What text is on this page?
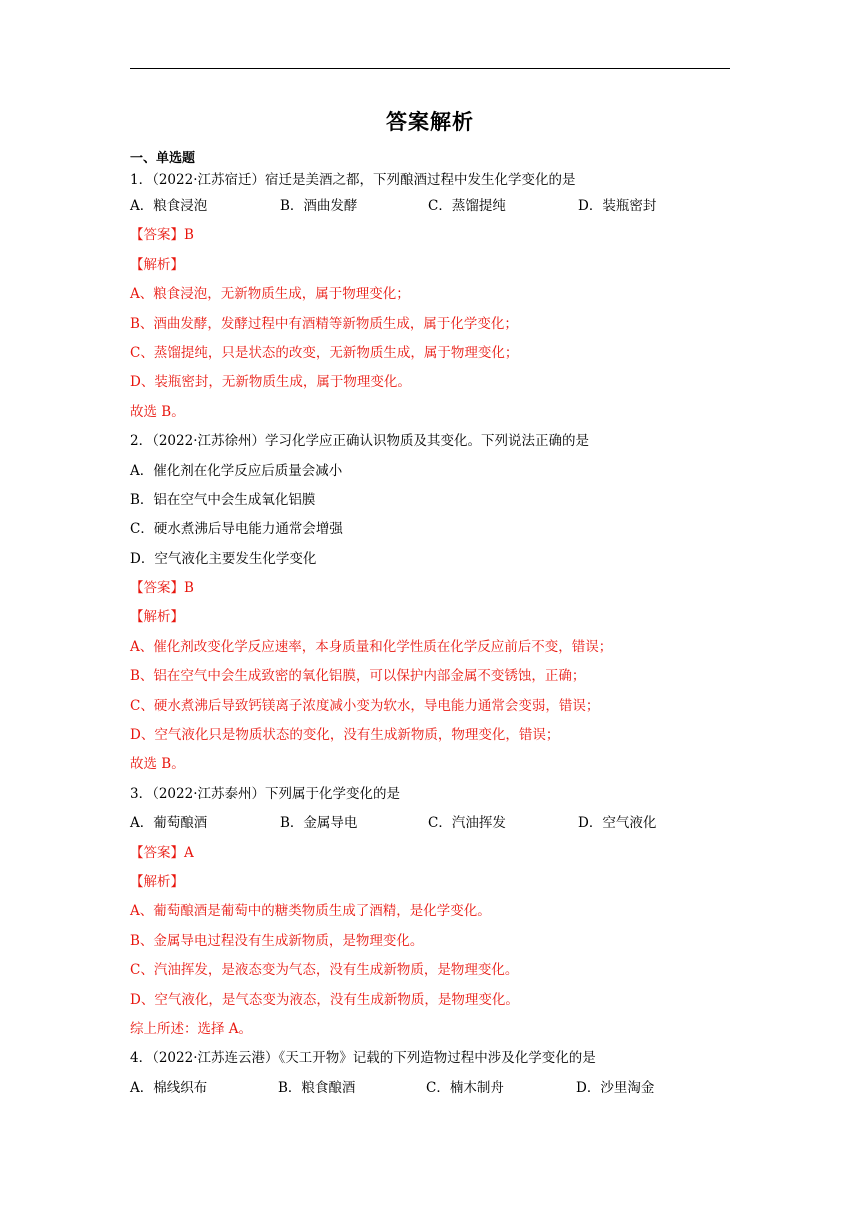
答案解析
一、单选题
1．（2022·江苏宿迁）宿迁是美酒之都，下列酿酒过程中发生化学变化的是
A．粮食浸泡	B．酒曲发酵	C．蒸馏提纯	D．装瓶密封
【答案】B
【解析】
A、粮食浸泡，无新物质生成，属于物理变化；
B、酒曲发酵，发酵过程中有酒精等新物质生成，属于化学变化；
C、蒸馏提纯，只是状态的改变，无新物质生成，属于物理变化；
D、装瓶密封，无新物质生成，属于物理变化。
故选 B。
2．（2022·江苏徐州）学习化学应正确认识物质及其变化。下列说法正确的是
A．催化剂在化学反应后质量会减小
B．铝在空气中会生成氧化铝膜
C．硬水煮沸后导电能力通常会增强
D．空气液化主要发生化学变化
【答案】B
【解析】
A、催化剂改变化学反应速率，本身质量和化学性质在化学反应前后不变，错误；
B、铝在空气中会生成致密的氧化铝膜，可以保护内部金属不变锈蚀，正确；
C、硬水煮沸后导致钙镁离子浓度减小变为软水，导电能力通常会变弱，错误；
D、空气液化只是物质状态的变化，没有生成新物质，物理变化，错误；
故选 B。
3．（2022·江苏泰州）下列属于化学变化的是
A．葡萄酿酒	B．金属导电	C．汽油挥发	D．空气液化
【答案】A
【解析】
A、葡萄酿酒是葡萄中的糖类物质生成了酒精，是化学变化。
B、金属导电过程没有生成新物质，是物理变化。
C、汽油挥发，是液态变为气态，没有生成新物质，是物理变化。
D、空气液化，是气态变为液态，没有生成新物质，是物理变化。
综上所述：选择 A。
4．（2022·江苏连云港）《天工开物》记载的下列造物过程中涉及化学变化的是
A．棉线织布	B．粮食酿酒	C．楠木制舟	D．沙里淘金
